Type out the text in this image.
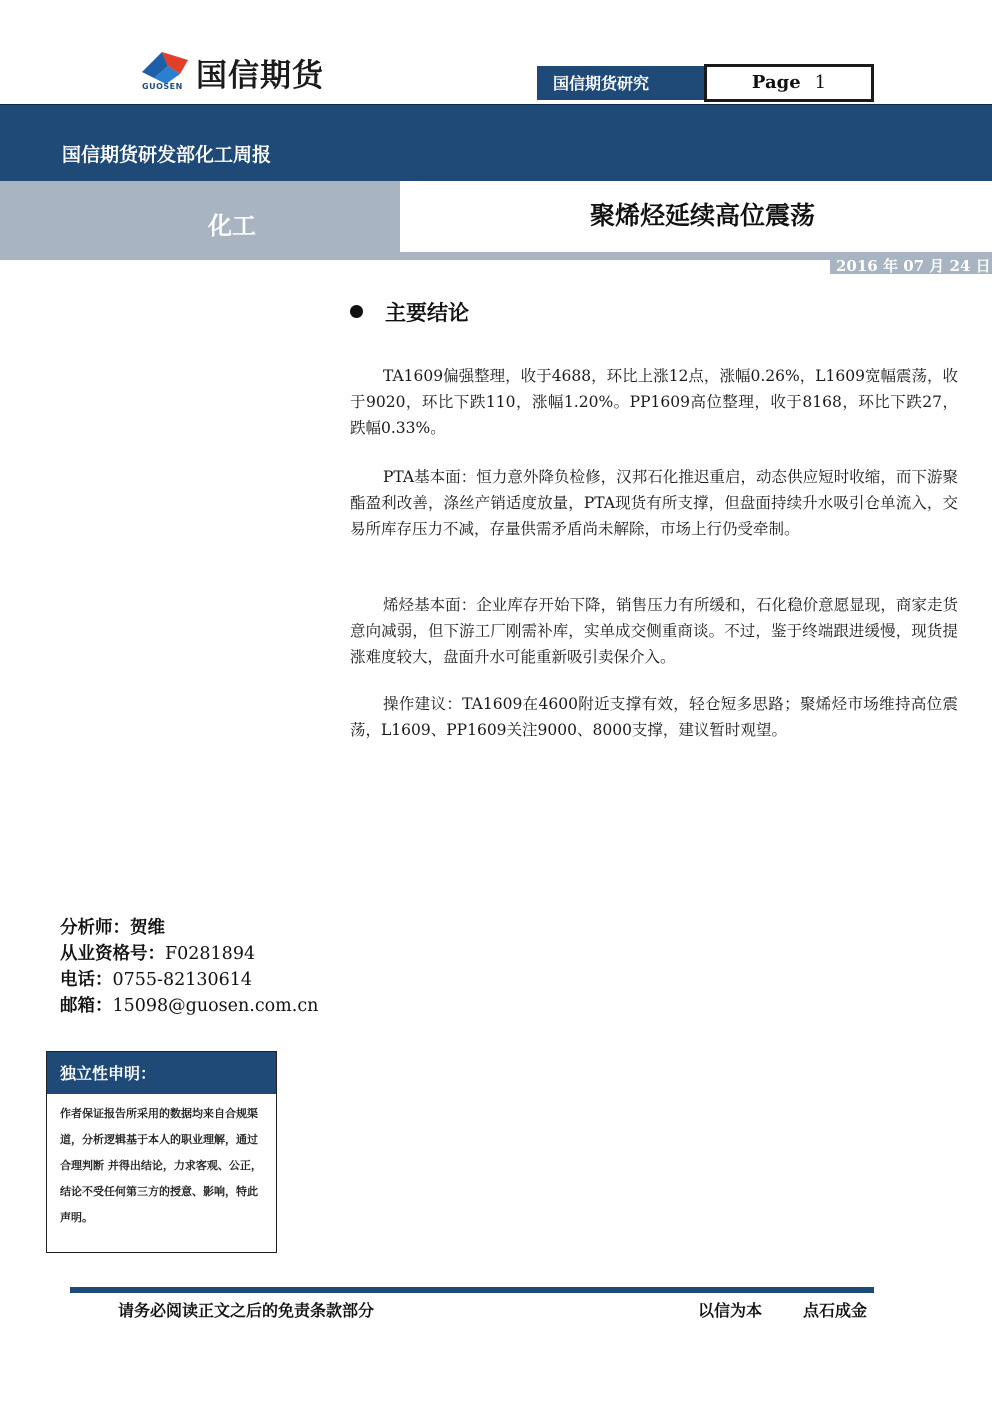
国信期货
GUOSEN	国信期货研究	Page 1
国信期货研发部化工周报
化工
2016 年 07 月 24 日
聚烯烃延续高位震荡
主要结论

TA1609偏强整理，收于4688，环比上涨12点，涨幅0.26%，L1609宽幅震荡，收于9020，环比下跌110，涨幅1.20%。PP1609高位整理，收于8168，环比下跌27，跌幅0.33%。

PTA基本面：恒力意外降负检修，汉邦石化推迟重启，动态供应短时收缩，而下游聚酯盈利改善，涤丝产销适度放量，PTA现货有所支撑，但盘面持续升水吸引仓单流入，交易所库存压力不减，存量供需矛盾尚未解除，市场上行仍受牵制。

烯烃基本面：企业库存开始下降，销售压力有所缓和，石化稳价意愿显现，商家走货意向减弱，但下游工厂刚需补库，实单成交侧重商谈。不过，鉴于终端跟进缓慢，现货提涨难度较大，盘面升水可能重新吸引卖保介入。

操作建议：TA1609在4600附近支撑有效，轻仓短多思路；聚烯烃市场维持高位震荡，L1609、PP1609关注9000、8000支撑，建议暂时观望。

分析师：贺维
从业资格号：F0281894
电话：0755-82130614
邮箱：15098@guosen.com.cn
独立性申明：
作者保证报告所采用的数据均来自合规渠道，分析逻辑基于本人的职业理解，通过合理判断 并得出结论，力求客观、公正，结论不受任何第三方的授意、影响，特此声明。
请务必阅读正文之后的免责条款部分	以信为本	点石成金
